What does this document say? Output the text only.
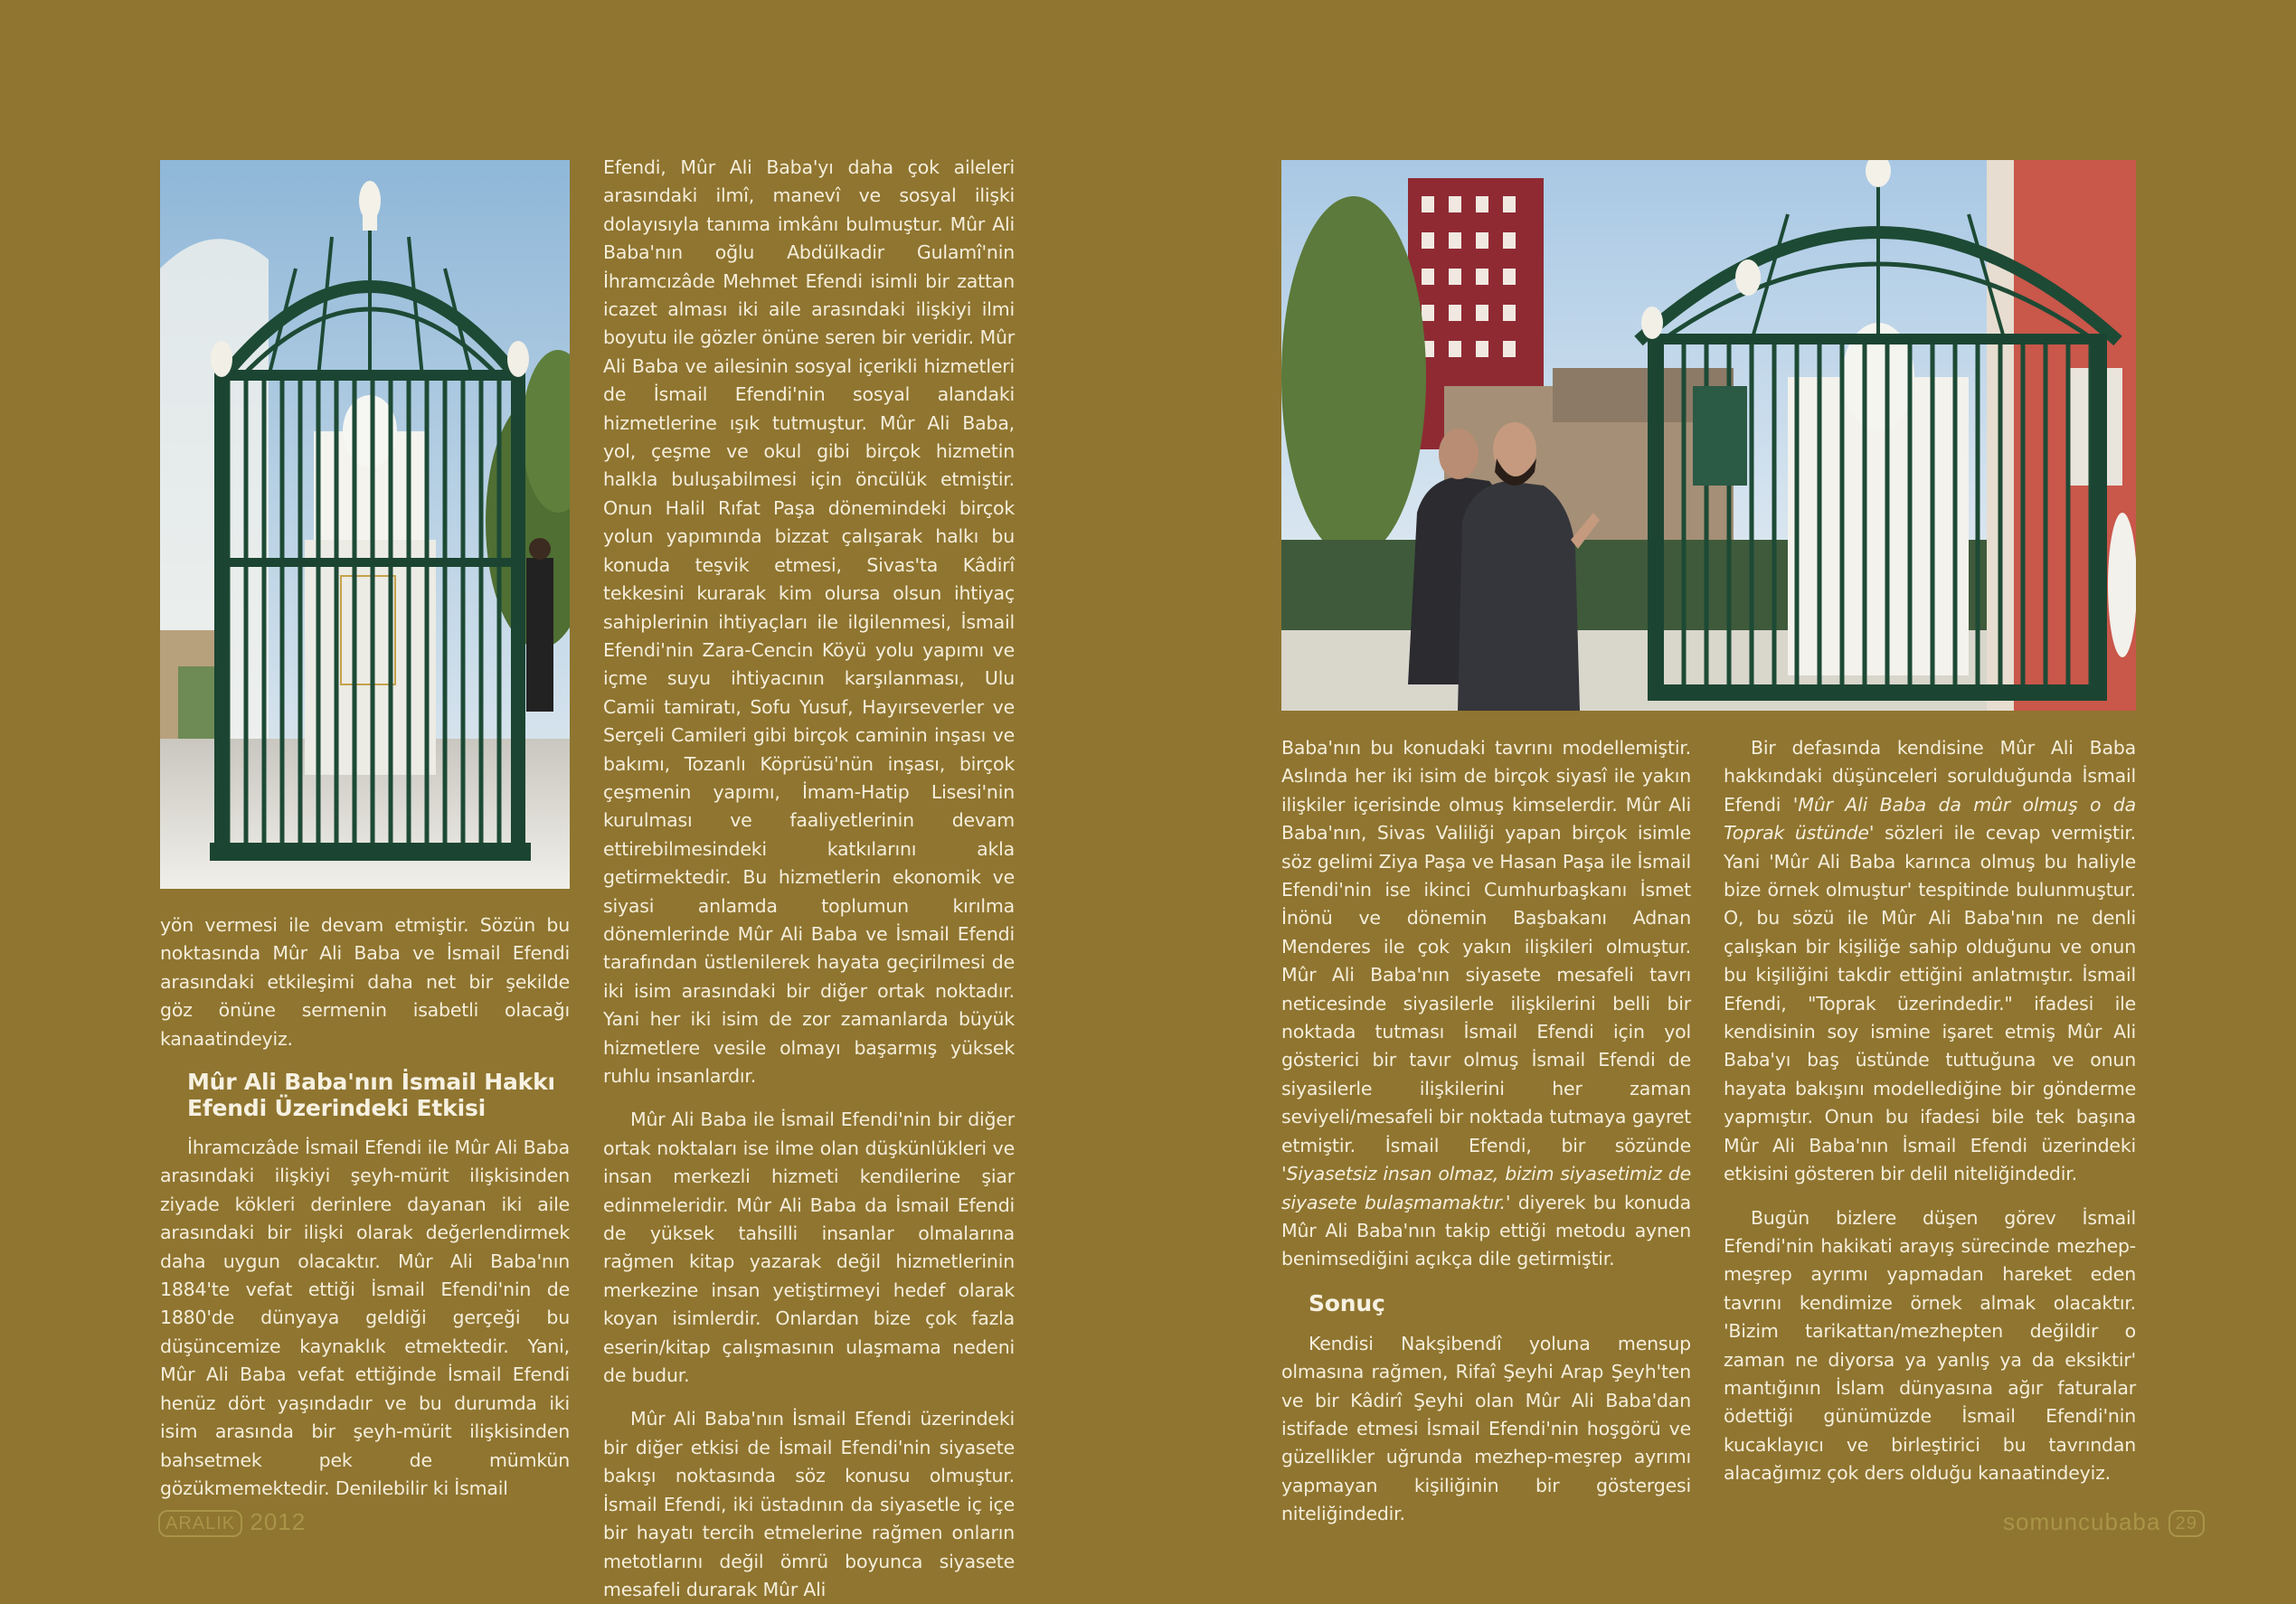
yön vermesi ile devam etmiştir. Sözün bu noktasında Mûr Ali Baba ve İsmail Efendi arasındaki etkileşimi daha net bir şekilde göz önüne sermenin isabetli olacağı kanaatindeyiz.

Mûr Ali Baba'nın İsmail Hakkı Efendi Üzerindeki Etkisi

İhramcızâde İsmail Efendi ile Mûr Ali Baba arasındaki ilişkiyi şeyh-mürit ilişkisinden ziyade kökleri derinlere dayanan iki aile arasındaki bir ilişki olarak değerlendirmek daha uygun olacaktır. Mûr Ali Baba'nın 1884'te vefat ettiği İsmail Efendi'nin de 1880'de dünyaya geldiği gerçeği bu düşüncemize kaynaklık etmektedir. Yani, Mûr Ali Baba vefat ettiğinde İsmail Efendi henüz dört yaşındadır ve bu durumda iki isim arasında bir şeyh-mürit ilişkisinden bahsetmek pek de mümkün gözükmemektedir. Denilebilir ki İsmail

Efendi, Mûr Ali Baba'yı daha çok aileleri arasındaki ilmî, manevî ve sosyal ilişki dolayısıyla tanıma imkânı bulmuştur. Mûr Ali Baba'nın oğlu Abdülkadir Gulamî'nin İhramcızâde Mehmet Efendi isimli bir zattan icazet alması iki aile arasındaki ilişkiyi ilmi boyutu ile gözler önüne seren bir veridir. Mûr Ali Baba ve ailesinin sosyal içerikli hizmetleri de İsmail Efendi'nin sosyal alandaki hizmetlerine ışık tutmuştur. Mûr Ali Baba, yol, çeşme ve okul gibi birçok hizmetin halkla buluşabilmesi için öncülük etmiştir. Onun Halil Rıfat Paşa dönemindeki birçok yolun yapımında bizzat çalışarak halkı bu konuda teşvik etmesi, Sivas'ta Kâdirî tekkesini kurarak kim olursa olsun ihtiyaç sahiplerinin ihtiyaçları ile ilgilenmesi, İsmail Efendi'nin Zara-Cencin Köyü yolu yapımı ve içme suyu ihtiyacının karşılanması, Ulu Camii tamiratı, Sofu Yusuf, Hayırseverler ve Serçeli Camileri gibi birçok caminin inşası ve bakımı, Tozanlı Köprüsü'nün inşası, birçok çeşmenin yapımı, İmam-Hatip Lisesi'nin kurulması ve faaliyetlerinin devam ettirebilmesindeki katkılarını akla getirmektedir. Bu hizmetlerin ekonomik ve siyasi anlamda toplumun kırılma dönemlerinde Mûr Ali Baba ve İsmail Efendi tarafından üstlenilerek hayata geçirilmesi de iki isim arasındaki bir diğer ortak noktadır. Yani her iki isim de zor zamanlarda büyük hizmetlere vesile olmayı başarmış yüksek ruhlu insanlardır.

Mûr Ali Baba ile İsmail Efendi'nin bir diğer ortak noktaları ise ilme olan düşkünlükleri ve insan merkezli hizmeti kendilerine şiar edinmeleridir. Mûr Ali Baba da İsmail Efendi de yüksek tahsilli insanlar olmalarına rağmen kitap yazarak değil hizmetlerinin merkezine insan yetiştirmeyi hedef olarak koyan isimlerdir. Onlardan bize çok fazla eserin/kitap çalışmasının ulaşmama nedeni de budur.

Mûr Ali Baba'nın İsmail Efendi üzerindeki bir diğer etkisi de İsmail Efendi'nin siyasete bakışı noktasında söz konusu olmuştur. İsmail Efendi, iki üstadının da siyasetle iç içe bir hayatı tercih etmelerine rağmen onların metotlarını değil ömrü boyunca siyasete mesafeli durarak Mûr Ali

ARALIK 2012

Baba'nın bu konudaki tavrını modellemiştir. Aslında her iki isim de birçok siyasî ile yakın ilişkiler içerisinde olmuş kimselerdir. Mûr Ali Baba'nın, Sivas Valiliği yapan birçok isimle söz gelimi Ziya Paşa ve Hasan Paşa ile İsmail Efendi'nin ise ikinci Cumhurbaşkanı İsmet İnönü ve dönemin Başbakanı Adnan Menderes ile çok yakın ilişkileri olmuştur. Mûr Ali Baba'nın siyasete mesafeli tavrı neticesinde siyasilerle ilişkilerini belli bir noktada tutması İsmail Efendi için yol gösterici bir tavır olmuş İsmail Efendi de siyasilerle ilişkilerini her zaman seviyeli/mesafeli bir noktada tutmaya gayret etmiştir. İsmail Efendi, bir sözünde 'Siyasetsiz insan olmaz, bizim siyasetimiz de siyasete bulaşmamaktır.' diyerek bu konuda Mûr Ali Baba'nın takip ettiği metodu aynen benimsediğini açıkça dile getirmiştir.

Sonuç

Kendisi Nakşibendî yoluna mensup olmasına rağmen, Rifaî Şeyhi Arap Şeyh'ten ve bir Kâdirî Şeyhi olan Mûr Ali Baba'dan istifade etmesi İsmail Efendi'nin hoşgörü ve güzellikler uğrunda mezhep-meşrep ayrımı yapmayan kişiliğinin bir göstergesi niteliğindedir.

Bir defasında kendisine Mûr Ali Baba hakkındaki düşünceleri sorulduğunda İsmail Efendi 'Mûr Ali Baba da mûr olmuş o da Toprak üstünde' sözleri ile cevap vermiştir. Yani 'Mûr Ali Baba karınca olmuş bu haliyle bize örnek olmuştur' tespitinde bulunmuştur. O, bu sözü ile Mûr Ali Baba'nın ne denli çalışkan bir kişiliğe sahip olduğunu ve onun bu kişiliğini takdir ettiğini anlatmıştır. İsmail Efendi, "Toprak üzerindedir." ifadesi ile kendisinin soy ismine işaret etmiş Mûr Ali Baba'yı baş üstünde tuttuğuna ve onun hayata bakışını modellediğine bir gönderme yapmıştır. Onun bu ifadesi bile tek başına Mûr Ali Baba'nın İsmail Efendi üzerindeki etkisini gösteren bir delil niteliğindedir.

Bugün bizlere düşen görev İsmail Efendi'nin hakikati arayış sürecinde mezhep-meşrep ayrımı yapmadan hareket eden tavrını kendimize örnek almak olacaktır. 'Bizim tarikattan/mezhepten değildir o zaman ne diyorsa ya yanlış ya da eksiktir' mantığının İslam dünyasına ağır faturalar ödettiği günümüzde İsmail Efendi'nin kucaklayıcı ve birleştirici bu tavrından alacağımız çok ders olduğu kanaatindeyiz.

somuncubaba 29
